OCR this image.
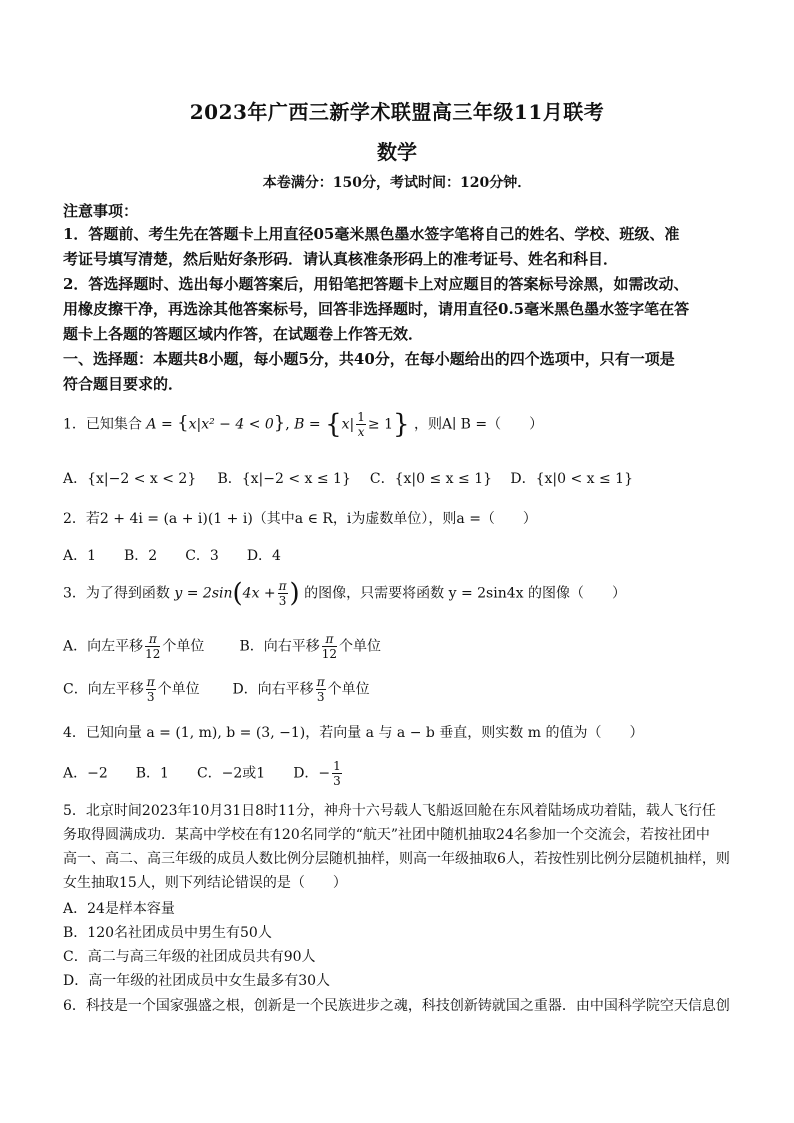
2023年广西三新学术联盟高三年级11月联考
数学
本卷满分：150分，考试时间：120分钟．
注意事项：
1．答题前、考生先在答题卡上用直径05毫米黑色墨水签字笔将自己的姓名、学校、班级、准
考证号填写清楚，然后贴好条形码．请认真核准条形码上的准考证号、姓名和科目．
2．答选择题时、选出每小题答案后，用铅笔把答题卡上对应题目的答案标号涂黑，如需改动、
用橡皮擦干净，再选涂其他答案标号，回答非选择题时，请用直径0.5毫米黑色墨水签字笔在答
题卡上各题的答题区域内作答，在试题卷上作答无效．
一、选择题：本题共8小题，每小题5分，共40分，在每小题给出的四个选项中，只有一项是
符合题目要求的．
1．已知集合 A = {x|x² − 4 < 0}, $B = \{x| \frac{1}{x} \ge 1\}$ ，则A∣ B =（　　）
A．{x|−2 < x < 2} B．{x|−2 < x ≤ 1} C．{x|0 ≤ x ≤ 1} D．{x|0 < x ≤ 1}
2．若2 + 4i = (a + i)(1 + i)（其中a ∈ R，i为虚数单位），则a =（　　）
A．1　　B．2　　C．3　　D．4
3．为了得到函数 $y = 2\sin(4x + \frac{\pi}{3}$ ) 的图像，只需要将函数 y = 2sin4x 的图像（　　）
A．向左平移 $\frac{\pi}{12}$ 个单位	B．向右平移 $\frac{\pi}{12}$ 个单位
C．向左平移 $\frac{\pi}{3}$ 个单位 D．向右平移 $\frac{\pi}{3}$ 个单位
4．已知向量 a = (1, m), b = (3, −1)，若向量 a 与 a − b 垂直，则实数 m 的值为（　　）
A．−2　　B．1　　C．−2或1　　D．− $\frac{1}{3}$
5．北京时间2023年10月31日8时11分，神舟十六号载人飞船返回舱在东风着陆场成功着陆，载人飞行任
务取得圆满成功．某高中学校在有120名同学的“航天”社团中随机抽取24名参加一个交流会，若按社团中
高一、高二、高三年级的成员人数比例分层随机抽样，则高一年级抽取6人，若按性别比例分层随机抽样，则
女生抽取15人，则下列结论错误的是（　　）
A．24是样本容量
B．120名社团成员中男生有50人
C．高二与高三年级的社团成员共有90人
D．高一年级的社团成员中女生最多有30人
6．科技是一个国家强盛之根，创新是一个民族进步之魂，科技创新铸就国之重器．由中国科学院空天信息创
